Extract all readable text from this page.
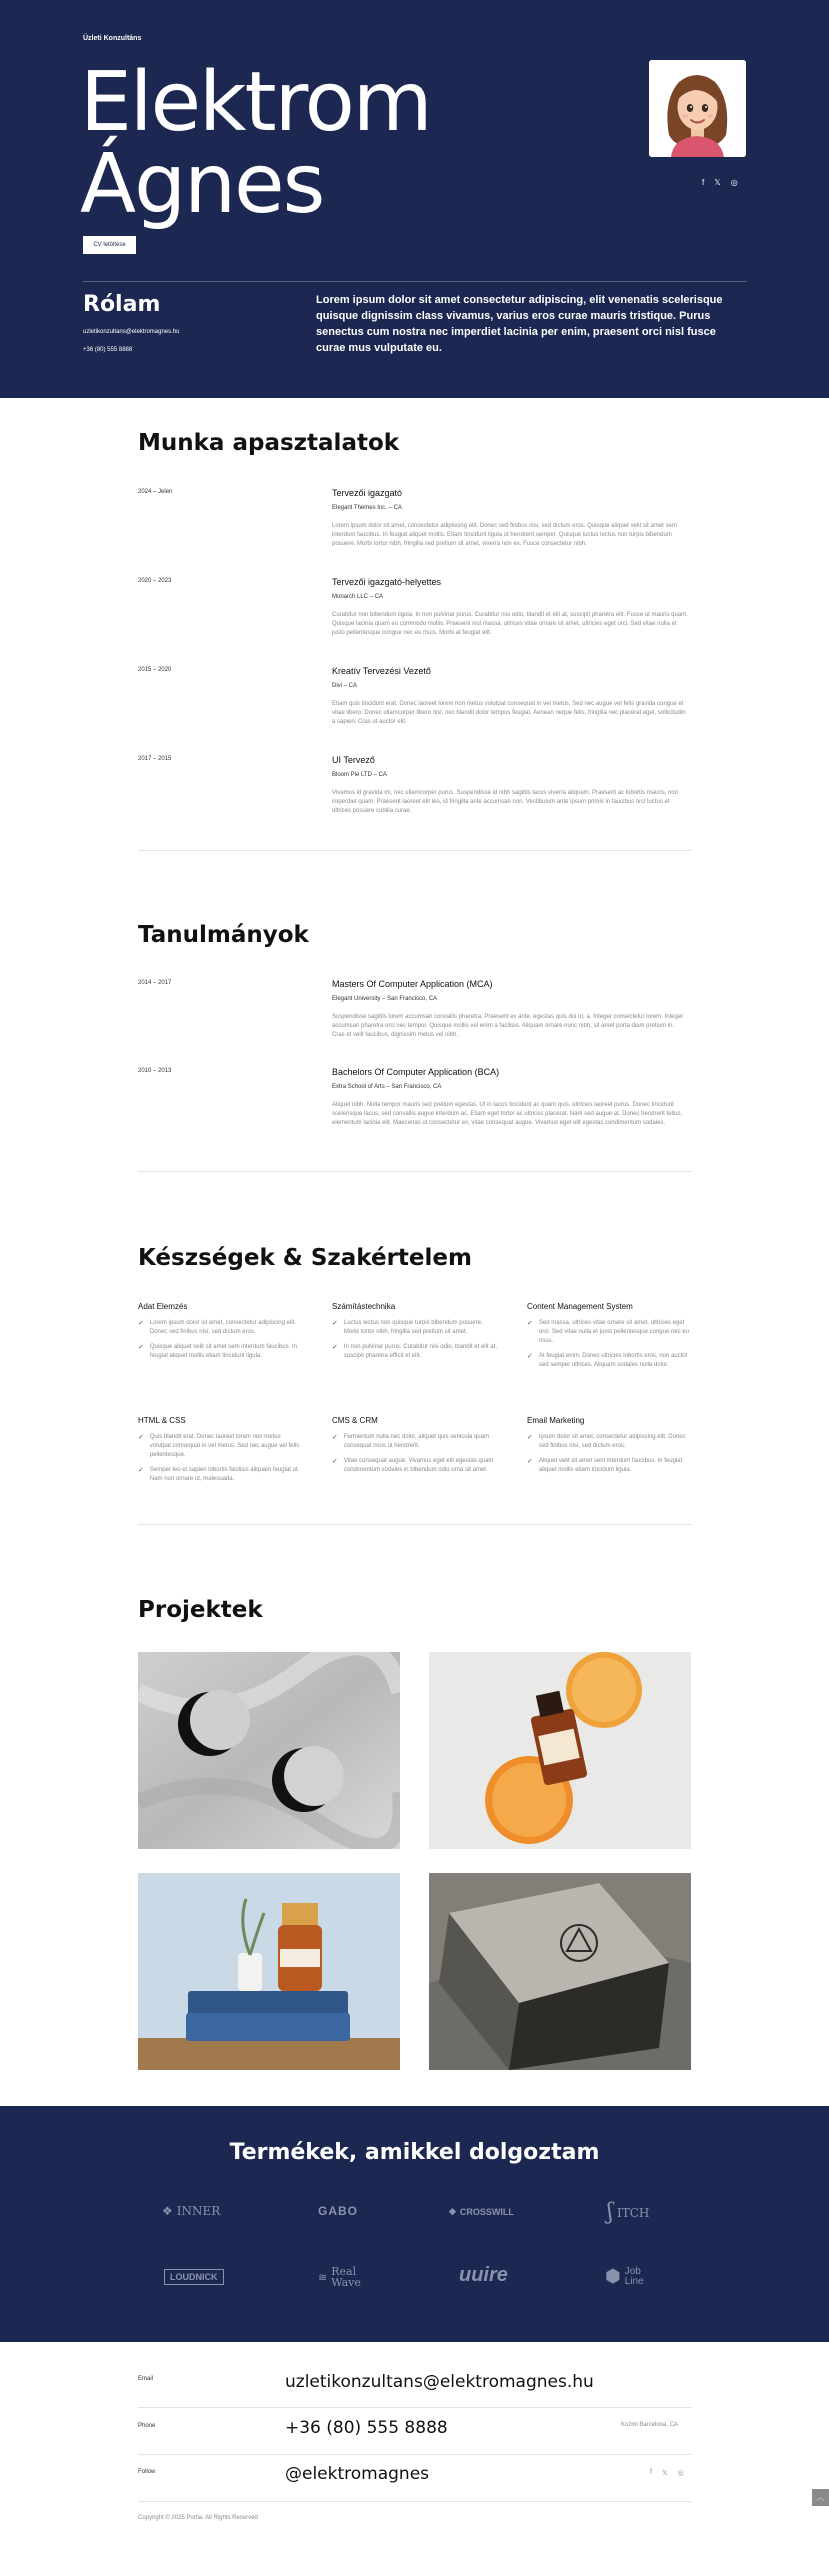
Üzleti Konzultáns
Elektrom
Ágnes
CV letöltése
f 𝕏 ◎
Rólam
uzletikonzultans@elektromagnes.hu
+36 (80) 555 8888

Lorem ipsum dolor sit amet consectetur adipiscing, elit venenatis scelerisque quisque dignissim class vivamus, varius eros curae mauris tristique. Purus senectus cum nostra nec imperdiet lacinia per enim, praesent orci nisl fusce curae mus vulputate eu.

Munka apasztalatok
2024 – Jelen	Tervezői igazgató
Elegant Themes Inc. – CA

Lorem ipsum dolor sit amet, consectetur adipiscing elit. Donec sed finibus nisi, sed dictum eros. Quisque aliquet velit sit amet sem interdum faucibus. In feugiat aliquet mollis. Etiam tincidunt ligula ut hendrerit semper. Quisque luctus lectus non turpis bibendum posuere. Morbi tortor nibh, fringilla sed pretium sit amet, viverra non ex. Fusce consectetur nibh.

2020 – 2023	Tervezői igazgató-helyettes
Monarch LLC – CA

Curabitur non bibendum ligula. In non pulvinar purus. Curabitur nisi odio, blandit et elit at, suscipit pharetra elit. Fusce ut mauris quam. Quisque lacinia quam eu commodo mollis. Praesent nisl massa, ultrices vitae ornare sit amet, ultricies eget orci. Sed vitae nulla et justo pellentesque congue nec eu risus. Morbi at feugiat elit.

2015 – 2020	Kreatív Tervezési Vezető
Divi – CA

Etiam quis tincidunt erat. Donec laoreet lorem non metus volutpat consequat in vel metus. Sed nec augue vel felis gravida congue et vitae libero. Donec ullamcorper libero nisl, nec blandit dolor tempus feugiat. Aenean neque felis, fringilla nec placerat eget, sollicitudin a sapien. Cras ut auctor elit.

2017 – 2015	UI Tervező
Bloom Pie LTD – CA

Vivamus id gravida mi, nec ullamcorper purus. Suspendisse id nibh sagittis lacus viverra aliquam. Praesent ac lobortis mauris, non imperdiet quam. Praesent laoreet elit leo, id fringilla ante accumsan non. Vestibulum ante ipsum primis in faucibus orci luctus et ultrices posuere cubilia curae.

Tanulmányok
2014 – 2017	Masters Of Computer Application (MCA)
Elegant University – San Francisco, CA

Suspendisse sagittis lorem accumsan convallis pharetra. Praesent ex ante, egestas quis dui ut, a. Integer consectetur lorem. Integer accumsan pharetra orci nec tempor. Quisque mollis vel enim a facilisis. Aliquam ornare nunc nibh, sit amet porta diam pretium in. Cras et velit faucibus, dignissim metus vel nibh.

2010 – 2013	Bachelors Of Computer Application (BCA)
Extra School of Arts – San Francisco, CA

Aliquet nibh. Nulla tempor mauris sed pretium egestas. Ut in lacus tincidunt ac quam quis, ultricies laoreet purus. Donec tincidunt scelerisque lacus, sed convallis augue interdum ac. Etiam eget tortor ac ultrices placerat. Nam sed augue at. Donec hendrerit tellus, elementum lacinia elit. Maecenas ut consectetur ex, vitae consequat augue. Vivamus eget elit egestas condimentum sodales.

Készségek & Szakértelem
Adat Elemzés
✓ Lorem ipsum dolor sit amet, consectetur adipiscing elit. Donec sed finibus nisi, sed dictum eros.
✓ Quisque aliquet velit sit amet sem interdum faucibus. In feugiat aliquet mollis etiam tincidunt ligula.
Számítástechnika
✓ Luctus lectus non quisque turpis bibendum posuere. Morbi tortor nibh, fringilla sed pretium sit amet.
✓ In non pulvinar purus. Curabitur nisi odio, blandit et elit at, suscipit pharetra efficit et elit.
Content Management System
✓ Sed massa, ultrices vitae ornare sit amet, ultricies eget orci. Sed vitae nulla et justo pellentesque congue nec eu risus.
✓ At feugiat enim. Donec ultricies lobortis eros, non auctor sed semper ultrices. Aliquam sodales nulla dolor.
HTML & CSS
✓ Quis blandit erat. Donec laoreet lorem non metus volutpat consequat in vel metus. Sed nec augue vel felis pellentesque.
✓ Semper leo et sapien lobortis facilisis aliquam feugiat ut. Nam non ornare ut, malesuada.
CMS & CRM
✓ Fermentum nulla nec dolor, aliquet quis vehicula quam consequat risus ut hendrerit.
✓ Vitae consequat augue. Vivamus eget elit egestas quam condimentum sodales in bibendum odio urna sit amet.
Email Marketing
✓ Ipsum dolor sit amet, consectetur adipiscing elit. Donec sed finibus nisi, sed dictum eros.
✓ Aliquet velit sit amet sem interdum faucibus. In feugiat aliquet mollis etiam tincidunt ligula.
Projektek
Termékek, amikkel dolgoztam
❖ INNER	GABO	◆ CROSSWILL	ʃ ITCH
LOUDNICK	≋ Real Wave	uuire	⬢ Job Line
Email	uzletikonzultans@elektromagnes.hu
Phone	+36 (80) 555 8888	Kozmi Barcelona, CA
Follow	@elektromagnes	f 𝕏 ◎
Copyright © 2025 Portia. All Rights Reserved
︿
